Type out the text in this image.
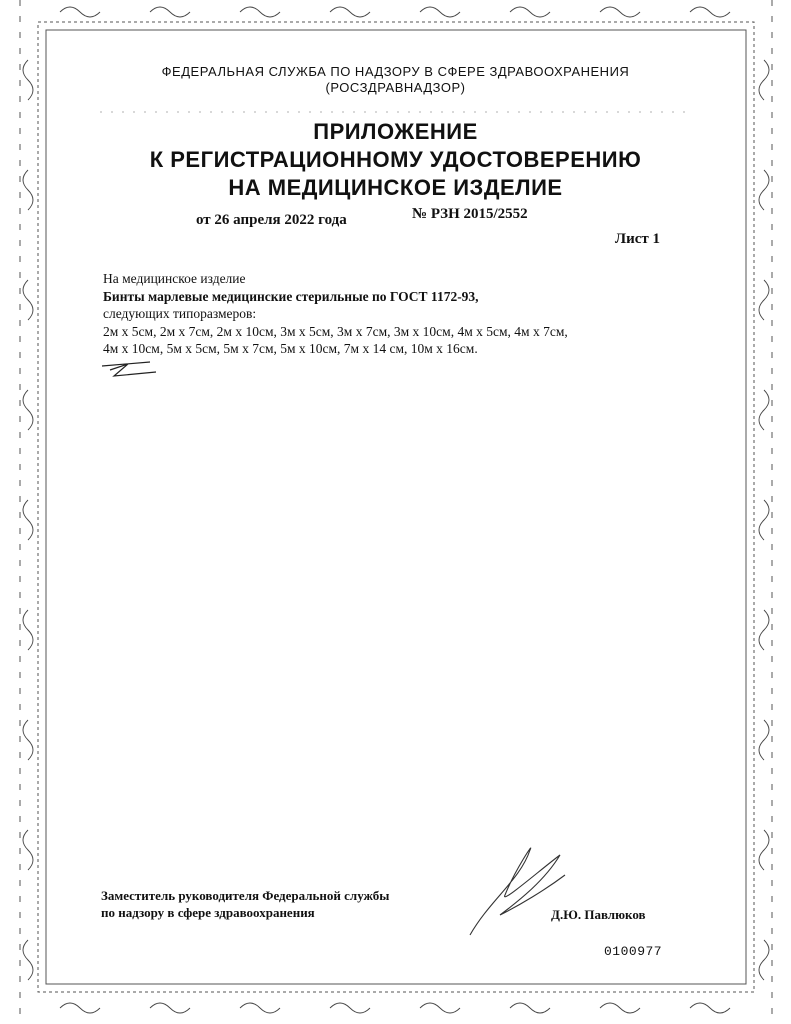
ФЕДЕРАЛЬНАЯ СЛУЖБА ПО НАДЗОРУ В СФЕРЕ ЗДРАВООХРАНЕНИЯ
(РОСЗДРАВНАДЗОР)
ПРИЛОЖЕНИЕ
К РЕГИСТРАЦИОННОМУ УДОСТОВЕРЕНИЮ
НА МЕДИЦИНСКОЕ ИЗДЕЛИЕ
от 26 апреля 2022 года	№ РЗН 2015/2552
Лист 1
На медицинское изделие
Бинты марлевые медицинские стерильные по ГОСТ 1172-93,
следующих типоразмеров:
2м х 5см, 2м х 7см, 2м х 10см, 3м х 5см, 3м х 7см, 3м х 10см, 4м х 5см, 4м х 7см,
4м х 10см, 5м х 5см, 5м х 7см, 5м х 10см, 7м х 14 см, 10м х 16см.
Заместитель руководителя Федеральной службы
по надзору в сфере здравоохранения	Д.Ю. Павлюков
0100977
